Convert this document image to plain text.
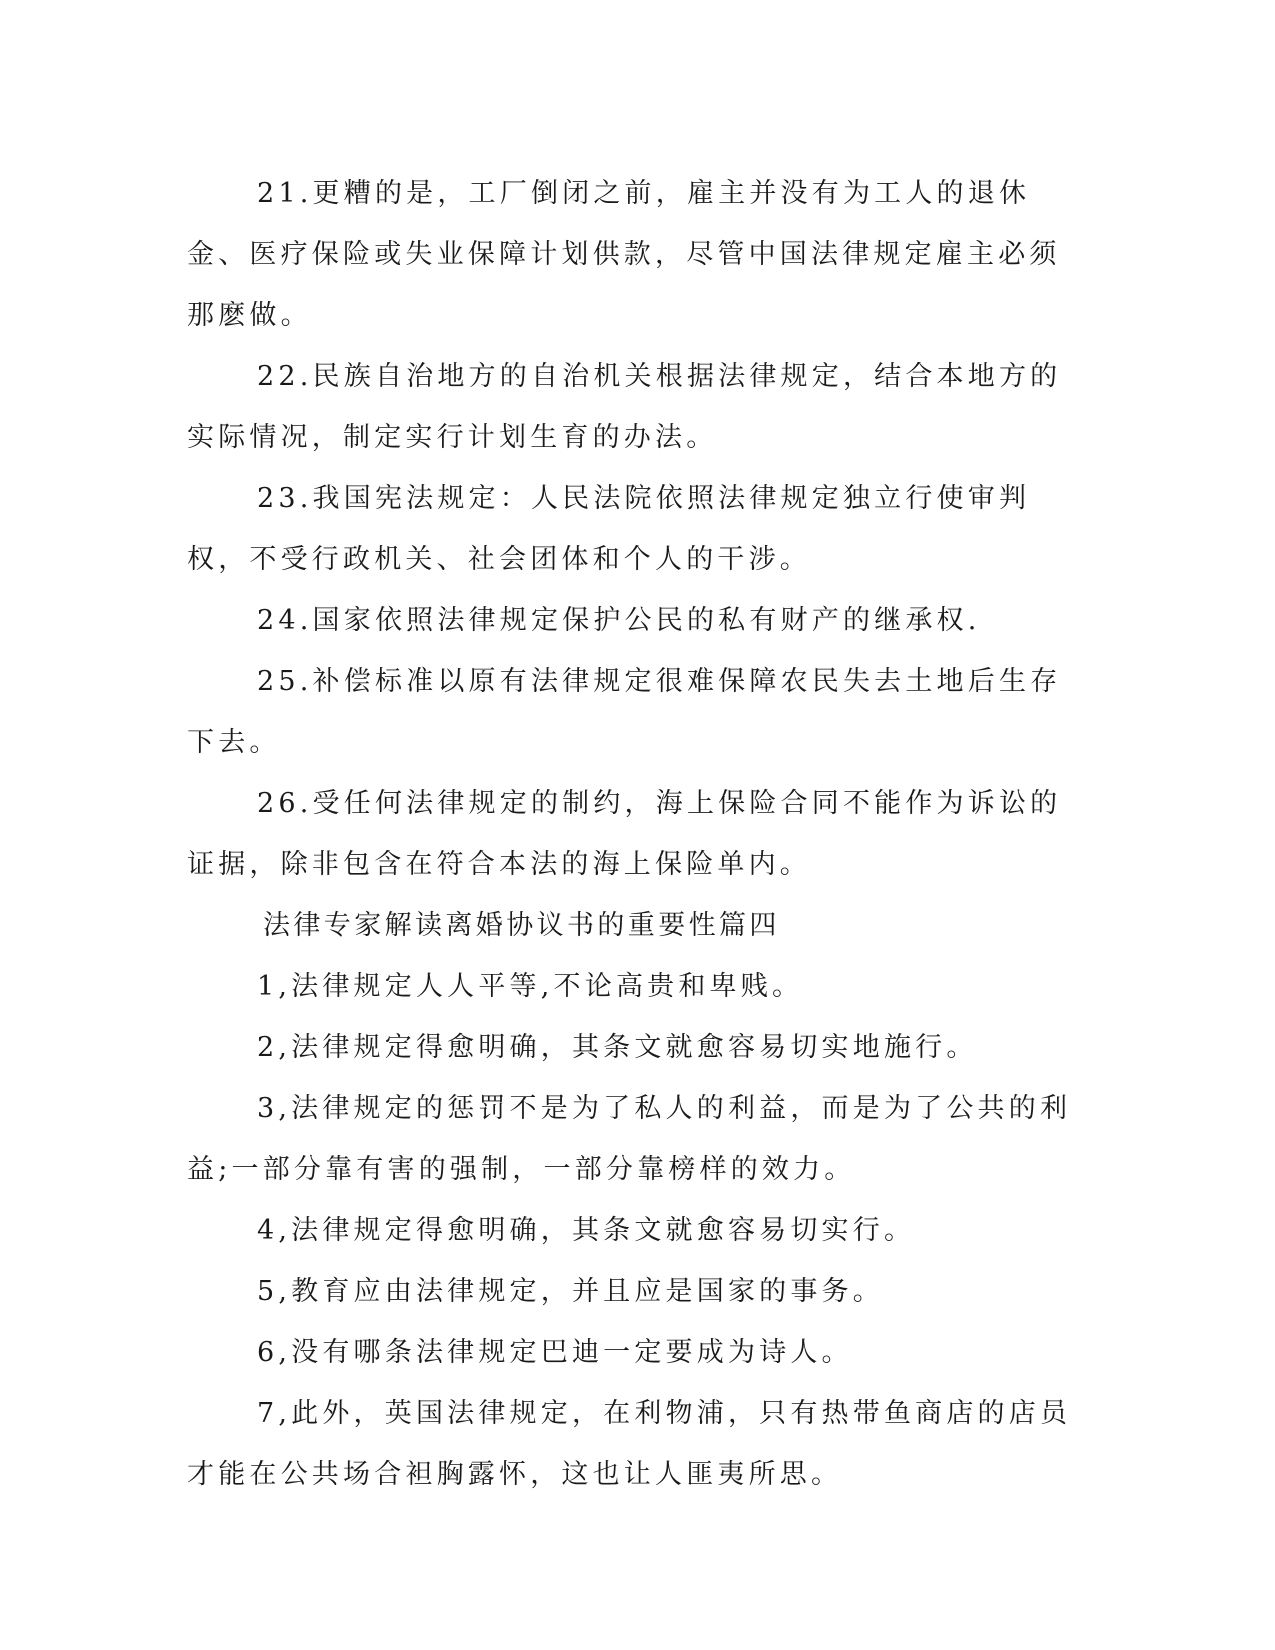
21.更糟的是，工厂倒闭之前，雇主并没有为工人的退休金、医疗保险或失业保障计划供款，尽管中国法律规定雇主必须那麽做。

22.民族自治地方的自治机关根据法律规定，结合本地方的实际情况，制定实行计划生育的办法。

23.我国宪法规定：人民法院依照法律规定独立行使审判权，不受行政机关、社会团体和个人的干涉。

24.国家依照法律规定保护公民的私有财产的继承权.

25.补偿标准以原有法律规定很难保障农民失去土地后生存下去。

26.受任何法律规定的制约，海上保险合同不能作为诉讼的证据，除非包含在符合本法的海上保险单内。

法律专家解读离婚协议书的重要性篇四

1,法律规定人人平等,不论高贵和卑贱。

2,法律规定得愈明确，其条文就愈容易切实地施行。

3,法律规定的惩罚不是为了私人的利益，而是为了公共的利益;一部分靠有害的强制，一部分靠榜样的效力。

4,法律规定得愈明确，其条文就愈容易切实行。

5,教育应由法律规定，并且应是国家的事务。

6,没有哪条法律规定巴迪一定要成为诗人。

7,此外，英国法律规定，在利物浦，只有热带鱼商店的店员才能在公共场合袒胸露怀，这也让人匪夷所思。
